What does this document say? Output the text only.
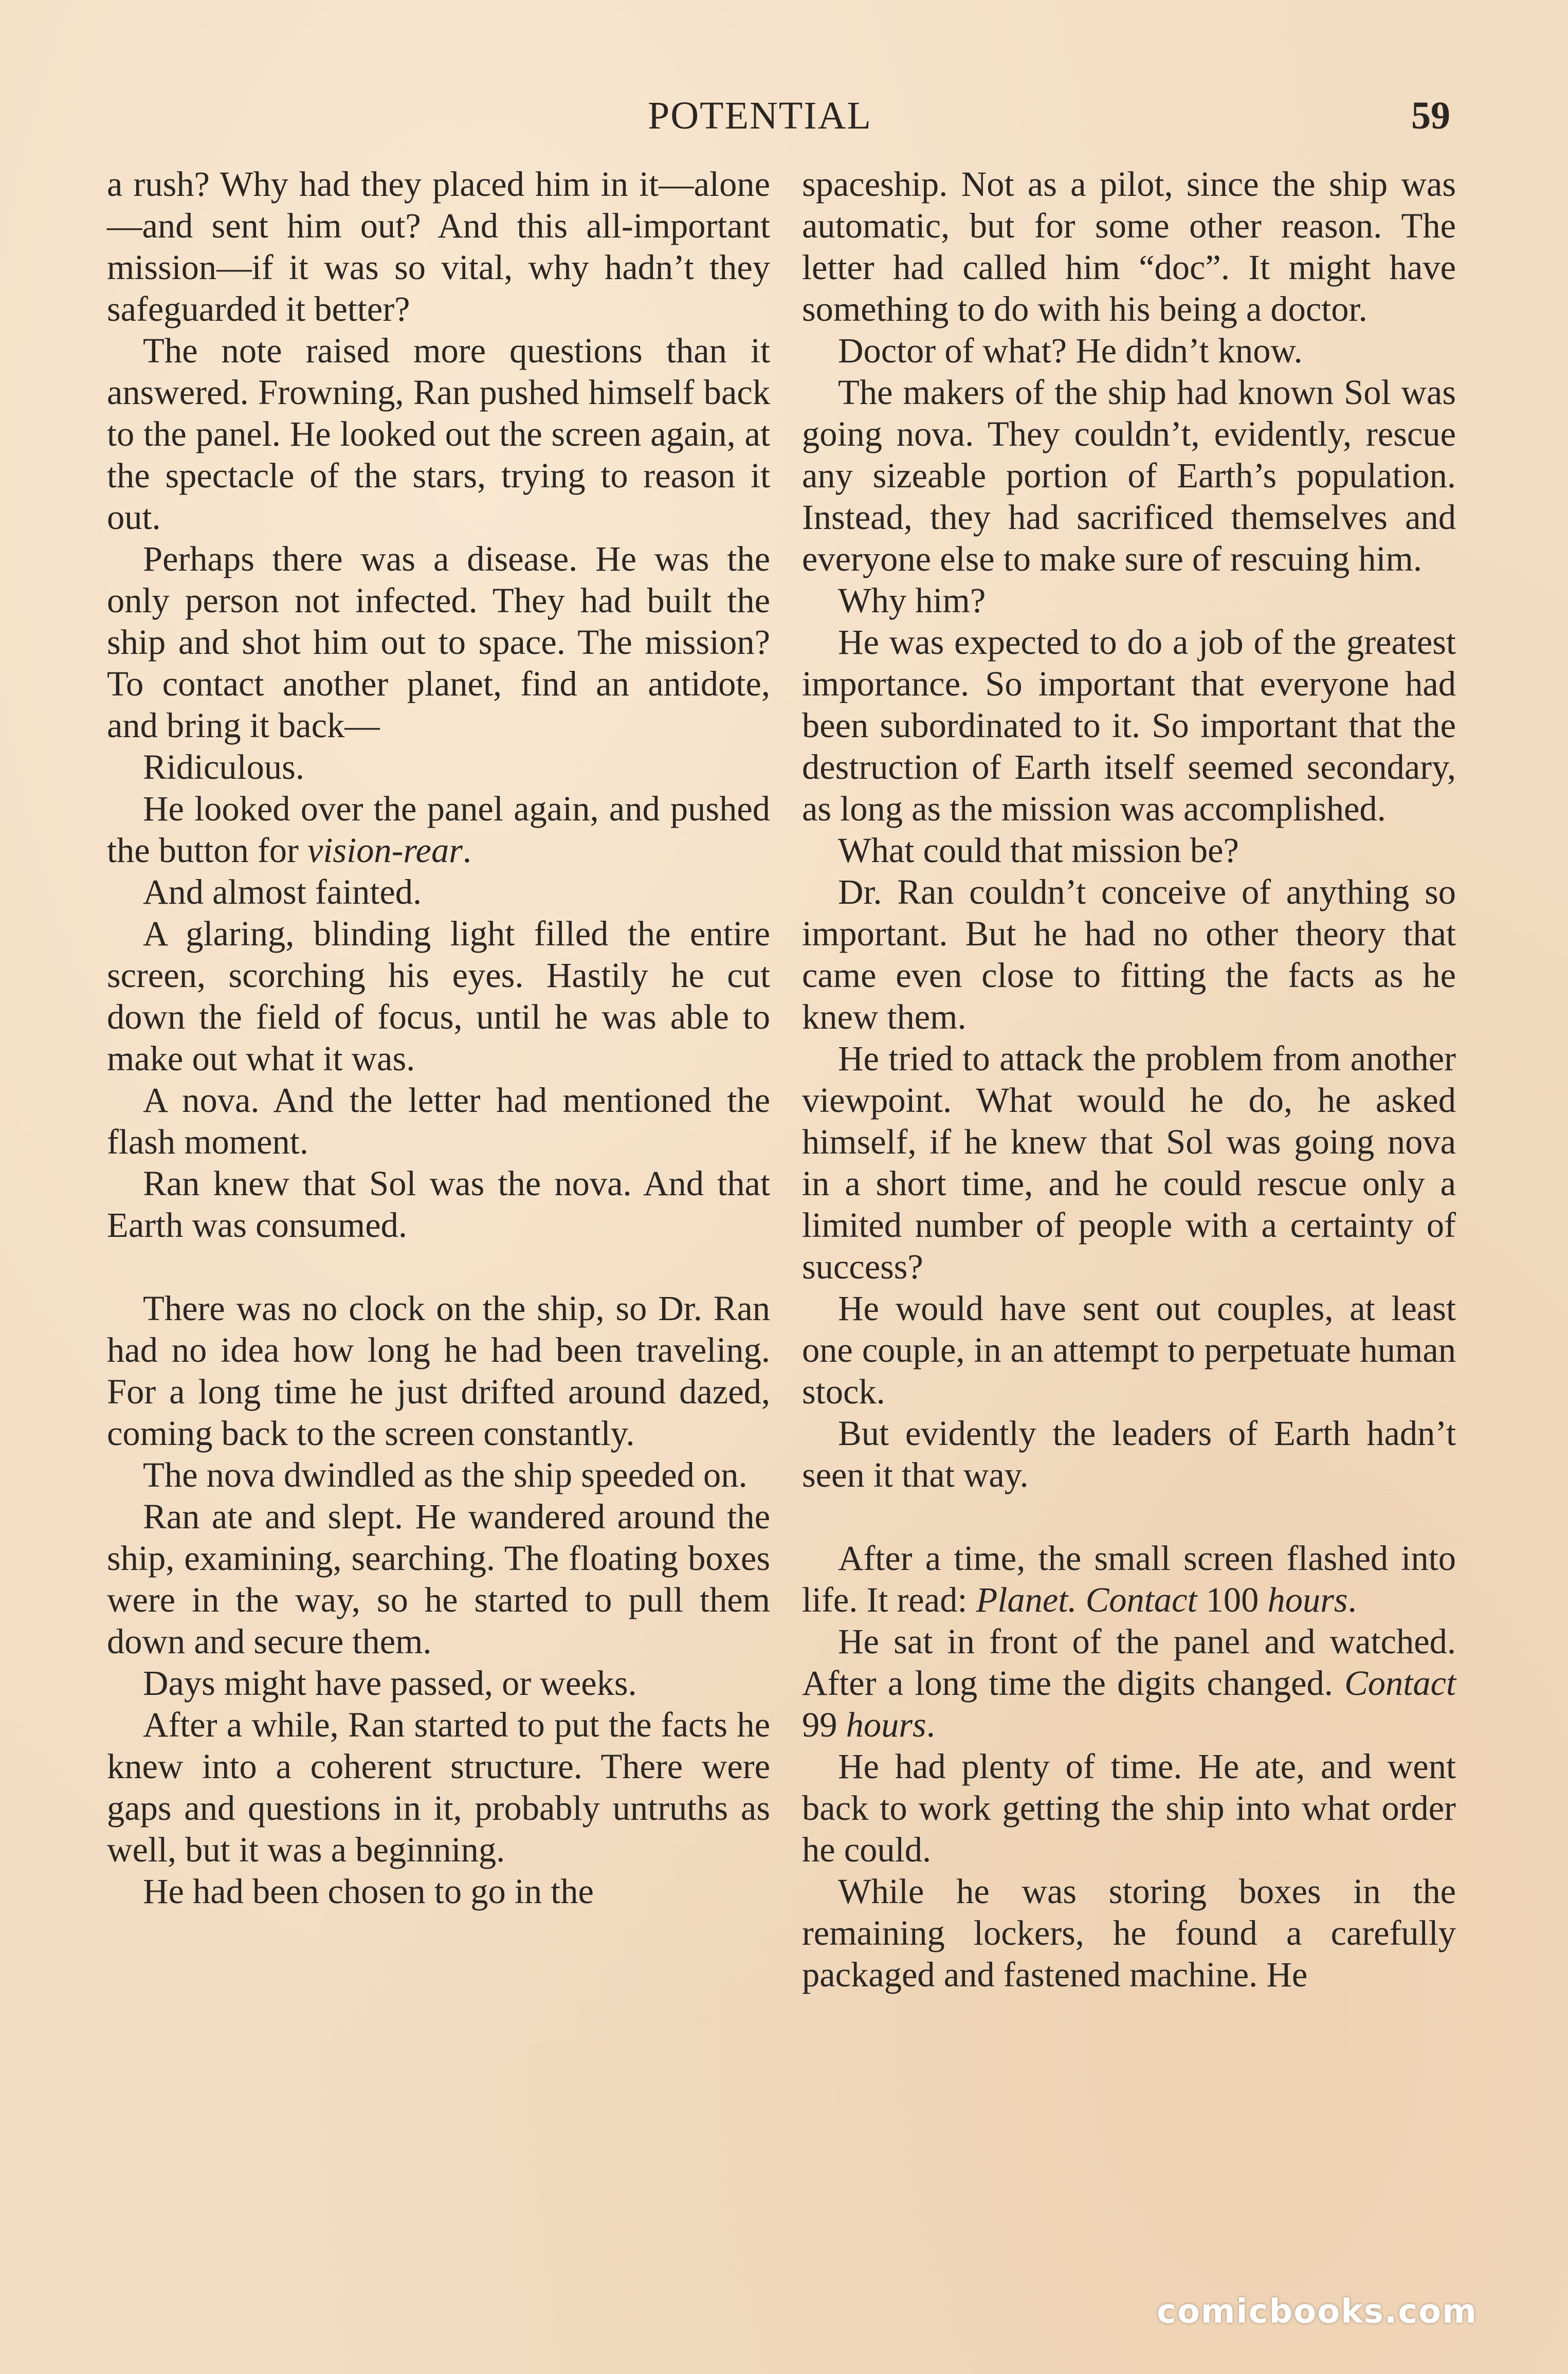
POTENTIAL	59

a rush? Why had they placed him in it—alone—and sent him out? And this all-important mission—if it was so vital, why hadn’t they safeguarded it better?

The note raised more questions than it answered. Frowning, Ran pushed himself back to the panel. He looked out the screen again, at the spectacle of the stars, trying to reason it out.

Perhaps there was a disease. He was the only person not infected. They had built the ship and shot him out to space. The mission? To contact another planet, find an antidote, and bring it back—

Ridiculous.

He looked over the panel again, and pushed the button for vision-rear.

And almost fainted.

A glaring, blinding light filled the entire screen, scorching his eyes. Hastily he cut down the field of focus, until he was able to make out what it was.

A nova. And the letter had mentioned the flash moment.

Ran knew that Sol was the nova. And that Earth was consumed.

There was no clock on the ship, so Dr. Ran had no idea how long he had been traveling. For a long time he just drifted around dazed, coming back to the screen constantly.

The nova dwindled as the ship speeded on.

Ran ate and slept. He wandered around the ship, examining, searching. The floating boxes were in the way, so he started to pull them down and secure them.

Days might have passed, or weeks.

After a while, Ran started to put the facts he knew into a coherent structure. There were gaps and questions in it, probably untruths as well, but it was a beginning.

He had been chosen to go in the

spaceship. Not as a pilot, since the ship was automatic, but for some other reason. The letter had called him “doc”. It might have something to do with his being a doctor.

Doctor of what? He didn’t know.

The makers of the ship had known Sol was going nova. They couldn’t, evidently, rescue any sizeable portion of Earth’s population. Instead, they had sacrificed themselves and everyone else to make sure of rescuing him.

Why him?

He was expected to do a job of the greatest importance. So important that everyone had been subordinated to it. So important that the destruction of Earth itself seemed secondary, as long as the mission was accomplished.

What could that mission be?

Dr. Ran couldn’t conceive of anything so important. But he had no other theory that came even close to fitting the facts as he knew them.

He tried to attack the problem from another viewpoint. What would he do, he asked himself, if he knew that Sol was going nova in a short time, and he could rescue only a limited number of people with a certainty of success?

He would have sent out couples, at least one couple, in an attempt to perpetuate human stock.

But evidently the leaders of Earth hadn’t seen it that way.

After a time, the small screen flashed into life. It read: Planet. Contact 100 hours.

He sat in front of the panel and watched. After a long time the digits changed. Contact 99 hours.

He had plenty of time. He ate, and went back to work getting the ship into what order he could.

While he was storing boxes in the remaining lockers, he found a carefully packaged and fastened machine. He

comicbooks.com
